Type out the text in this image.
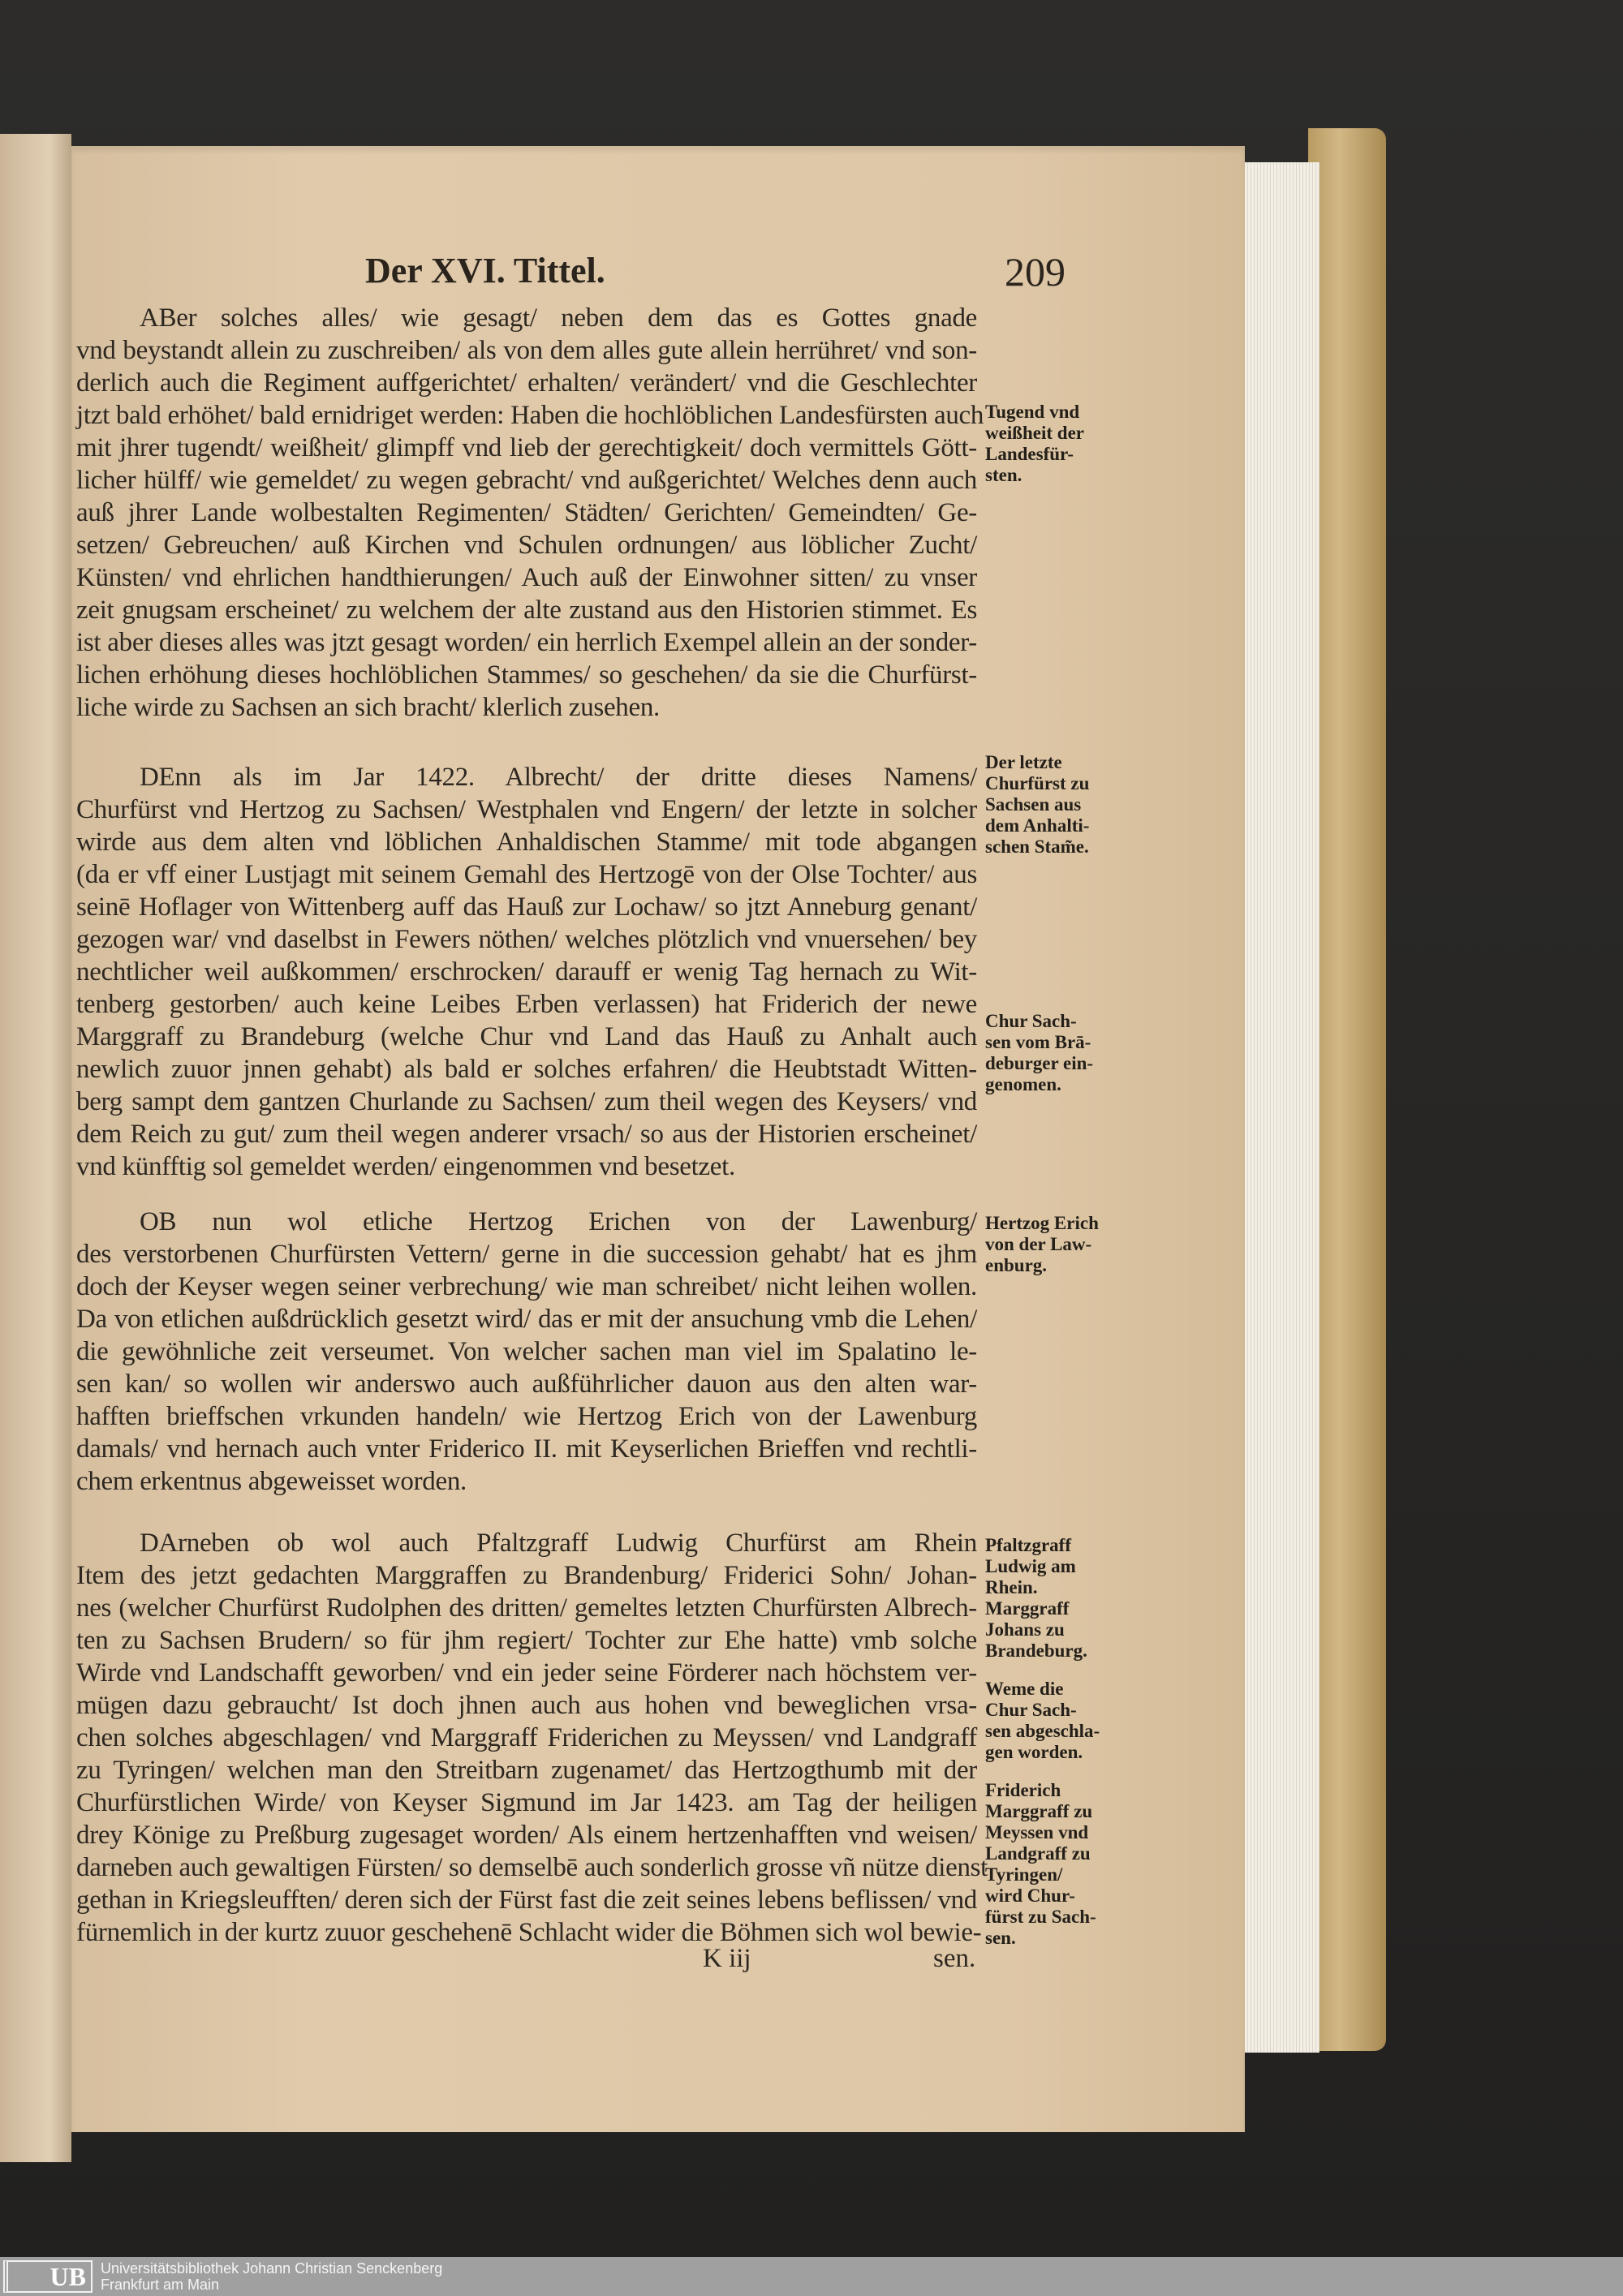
Der XVI. Tittel.	209
ABer solches alles/ wie gesagt/ neben dem das es Gottes gnade
vnd beystandt allein zu zuschreiben/ als von dem alles gute allein herrühret/ vnd son-
derlich auch die Regiment auffgerichtet/ erhalten/ verändert/ vnd die Geschlechter
jtzt bald erhöhet/ bald ernidriget werden: Haben die hochlöblichen Landesfürsten auch
mit jhrer tugendt/ weißheit/ glimpff vnd lieb der gerechtigkeit/ doch vermittels Gött-
licher hülff/ wie gemeldet/ zu wegen gebracht/ vnd außgerichtet/ Welches denn auch
auß jhrer Lande wolbestalten Regimenten/ Städten/ Gerichten/ Gemeindten/ Ge-
setzen/ Gebreuchen/ auß Kirchen vnd Schulen ordnungen/ aus löblicher Zucht/
Künsten/ vnd ehrlichen handthierungen/ Auch auß der Einwohner sitten/ zu vnser
zeit gnugsam erscheinet/ zu welchem der alte zustand aus den Historien stimmet. Es
ist aber dieses alles was jtzt gesagt worden/ ein herrlich Exempel allein an der sonder-
lichen erhöhung dieses hochlöblichen Stammes/ so geschehen/ da sie die Churfürst-
liche wirde zu Sachsen an sich bracht/ klerlich zusehen.
DEnn als im Jar 1422. Albrecht/ der dritte dieses Namens/
Churfürst vnd Hertzog zu Sachsen/ Westphalen vnd Engern/ der letzte in solcher
wirde aus dem alten vnd löblichen Anhaldischen Stamme/ mit tode abgangen
(da er vff einer Lustjagt mit seinem Gemahl des Hertzogē von der Olse Tochter/ aus
seinē Hoflager von Wittenberg auff das Hauß zur Lochaw/ so jtzt Anneburg genant/
gezogen war/ vnd daselbst in Fewers nöthen/ welches plötzlich vnd vnuersehen/ bey
nechtlicher weil außkommen/ erschrocken/ darauff er wenig Tag hernach zu Wit-
tenberg gestorben/ auch keine Leibes Erben verlassen) hat Friderich der newe
Marggraff zu Brandeburg (welche Chur vnd Land das Hauß zu Anhalt auch
newlich zuuor jnnen gehabt) als bald er solches erfahren/ die Heubtstadt Witten-
berg sampt dem gantzen Churlande zu Sachsen/ zum theil wegen des Keysers/ vnd
dem Reich zu gut/ zum theil wegen anderer vrsach/ so aus der Historien erscheinet/
vnd künfftig sol gemeldet werden/ eingenommen vnd besetzet.
OB nun wol etliche Hertzog Erichen von der Lawenburg/
des verstorbenen Churfürsten Vettern/ gerne in die succession gehabt/ hat es jhm
doch der Keyser wegen seiner verbrechung/ wie man schreibet/ nicht leihen wollen.
Da von etlichen außdrücklich gesetzt wird/ das er mit der ansuchung vmb die Lehen/
die gewöhnliche zeit verseumet. Von welcher sachen man viel im Spalatino le-
sen kan/ so wollen wir anderswo auch außführlicher dauon aus den alten war-
hafften brieffschen vrkunden handeln/ wie Hertzog Erich von der Lawenburg
damals/ vnd hernach auch vnter Friderico II. mit Keyserlichen Brieffen vnd rechtli-
chem erkentnus abgeweisset worden.
DArneben ob wol auch Pfaltzgraff Ludwig Churfürst am Rhein
Item des jetzt gedachten Marggraffen zu Brandenburg/ Friderici Sohn/ Johan-
nes (welcher Churfürst Rudolphen des dritten/ gemeltes letzten Churfürsten Albrech-
ten zu Sachsen Brudern/ so für jhm regiert/ Tochter zur Ehe hatte) vmb solche
Wirde vnd Landschafft geworben/ vnd ein jeder seine Förderer nach höchstem ver-
mügen dazu gebraucht/ Ist doch jhnen auch aus hohen vnd beweglichen vrsa-
chen solches abgeschlagen/ vnd Marggraff Friderichen zu Meyssen/ vnd Landgraff
zu Tyringen/ welchen man den Streitbarn zugenamet/ das Hertzogthumb mit der
Churfürstlichen Wirde/ von Keyser Sigmund im Jar 1423. am Tag der heiligen
drey Könige zu Preßburg zugesaget worden/ Als einem hertzenhafften vnd weisen/
darneben auch gewaltigen Fürsten/ so demselbē auch sonderlich grosse vñ nütze dienst
gethan in Kriegsleufften/ deren sich der Fürst fast die zeit seines lebens beflissen/ vnd
fürnemlich in der kurtz zuuor geschehenē Schlacht wider die Böhmen sich wol bewie-
Tugend vnd
weißheit der
Landesfür-
sten.
Der letzte
Churfürst zu
Sachsen aus
dem Anhalti-
schen Stam̃e.
Chur Sach-
sen vom Brā-
deburger ein-
genomen.
Hertzog Erich
von der Law-
enburg.
Pfaltzgraff
Ludwig am
Rhein.
Marggraff
Johans zu
Brandeburg.
Weme die
Chur Sach-
sen abgeschla-
gen worden.
Friderich
Marggraff zu
Meyssen vnd
Landgraff zu
Tyringen/
wird Chur-
fürst zu Sach-
sen.
K iij	sen.
UB	Universitätsbibliothek Johann Christian Senckenberg
Frankfurt am Main
